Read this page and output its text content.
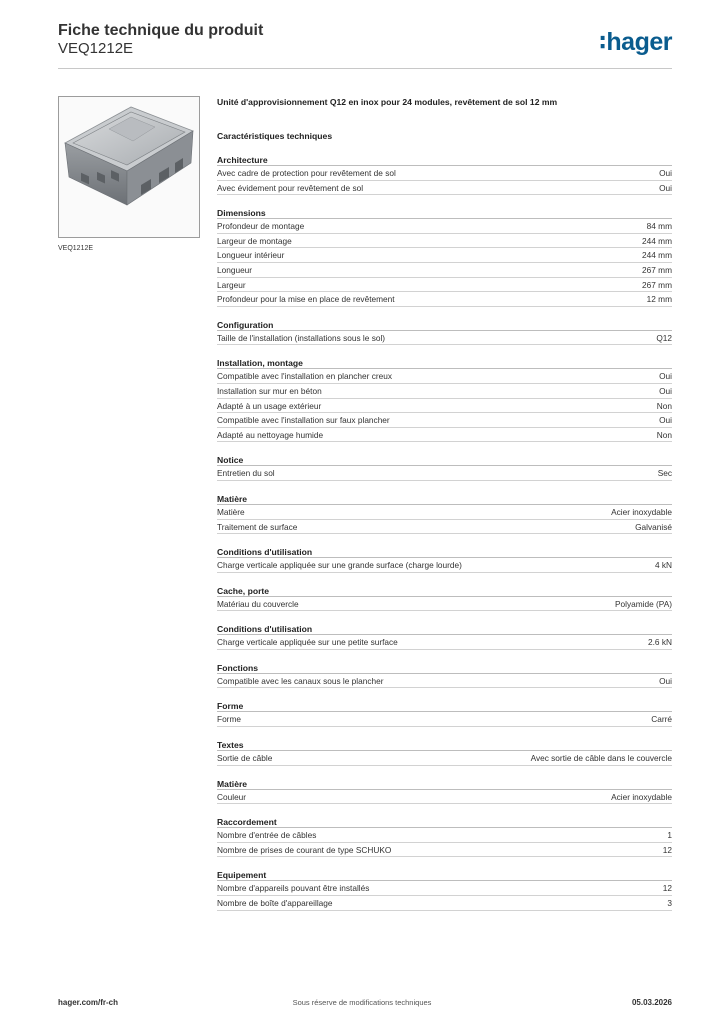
Fiche technique du produit
VEQ1212E	∶hager
VEQ1212E
Unité d'approvisionnement Q12 en inox pour 24 modules, revêtement de sol 12 mm
Caractéristiques techniques
Architecture
Avec cadre de protection pour revêtement de sol	Oui
Avec évidement pour revêtement de sol	Oui
Dimensions
Profondeur de montage	84 mm
Largeur de montage	244 mm
Longueur intérieur	244 mm
Longueur	267 mm
Largeur	267 mm
Profondeur pour la mise en place de revêtement	12 mm
Configuration
Taille de l'installation (installations sous le sol)	Q12
Installation, montage
Compatible avec l'installation en plancher creux	Oui
Installation sur mur en béton	Oui
Adapté à un usage extérieur	Non
Compatible avec l'installation sur faux plancher	Oui
Adapté au nettoyage humide	Non
Notice
Entretien du sol	Sec
Matière
Matière	Acier inoxydable
Traitement de surface	Galvanisé
Conditions d'utilisation
Charge verticale appliquée sur une grande surface (charge lourde)	4 kN
Cache, porte
Matériau du couvercle	Polyamide (PA)
Conditions d'utilisation
Charge verticale appliquée sur une petite surface	2.6 kN
Fonctions
Compatible avec les canaux sous le plancher	Oui
Forme
Forme	Carré
Textes
Sortie de câble	Avec sortie de câble dans le couvercle
Matière
Couleur	Acier inoxydable
Raccordement
Nombre d'entrée de câbles	1
Nombre de prises de courant de type SCHUKO	12
Equipement
Nombre d'appareils pouvant être installés	12
Nombre de boîte d'appareillage	3
hager.com/fr-ch	Sous réserve de modifications techniques	05.03.2026
